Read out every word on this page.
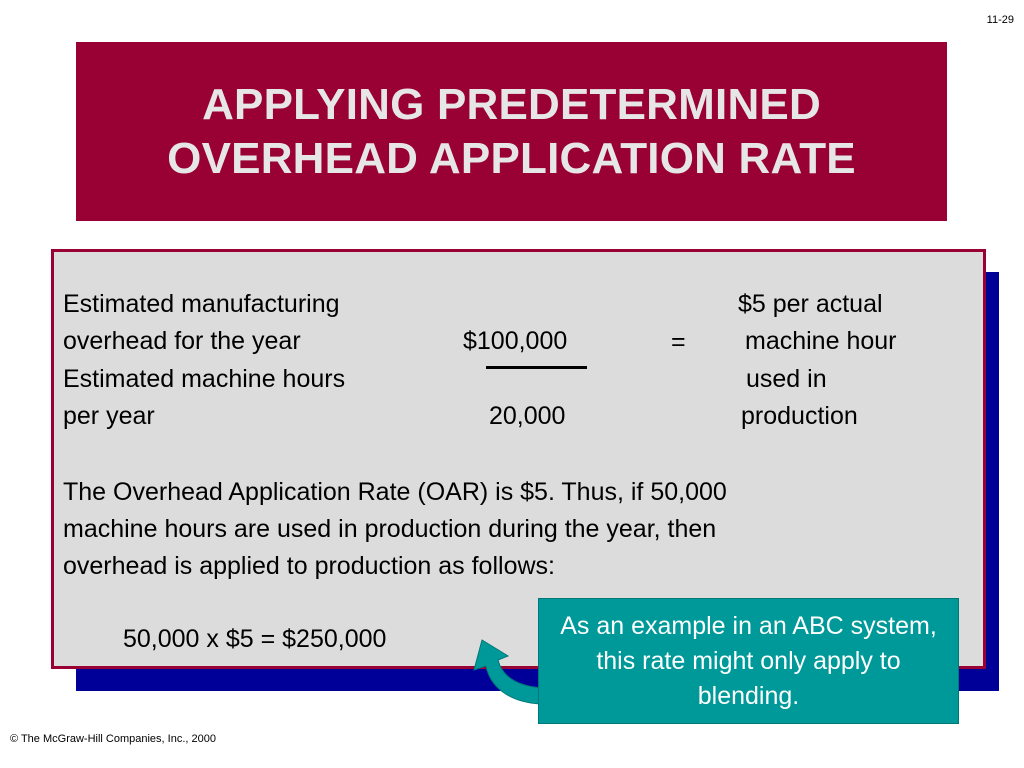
11-29
APPLYING PREDETERMINED
OVERHEAD APPLICATION RATE
Estimated manufacturing
overhead for the year
Estimated machine hours
per year
$100,000
20,000
=
$5 per actual
machine hour
used in
production
The Overhead Application Rate (OAR) is $5. Thus, if 50,000
machine hours are used in production during the year, then
overhead is applied to production as follows:
50,000 x $5 = $250,000	As an example in an ABC system, this rate might only apply to blending.
© The McGraw-Hill Companies, Inc., 2000
